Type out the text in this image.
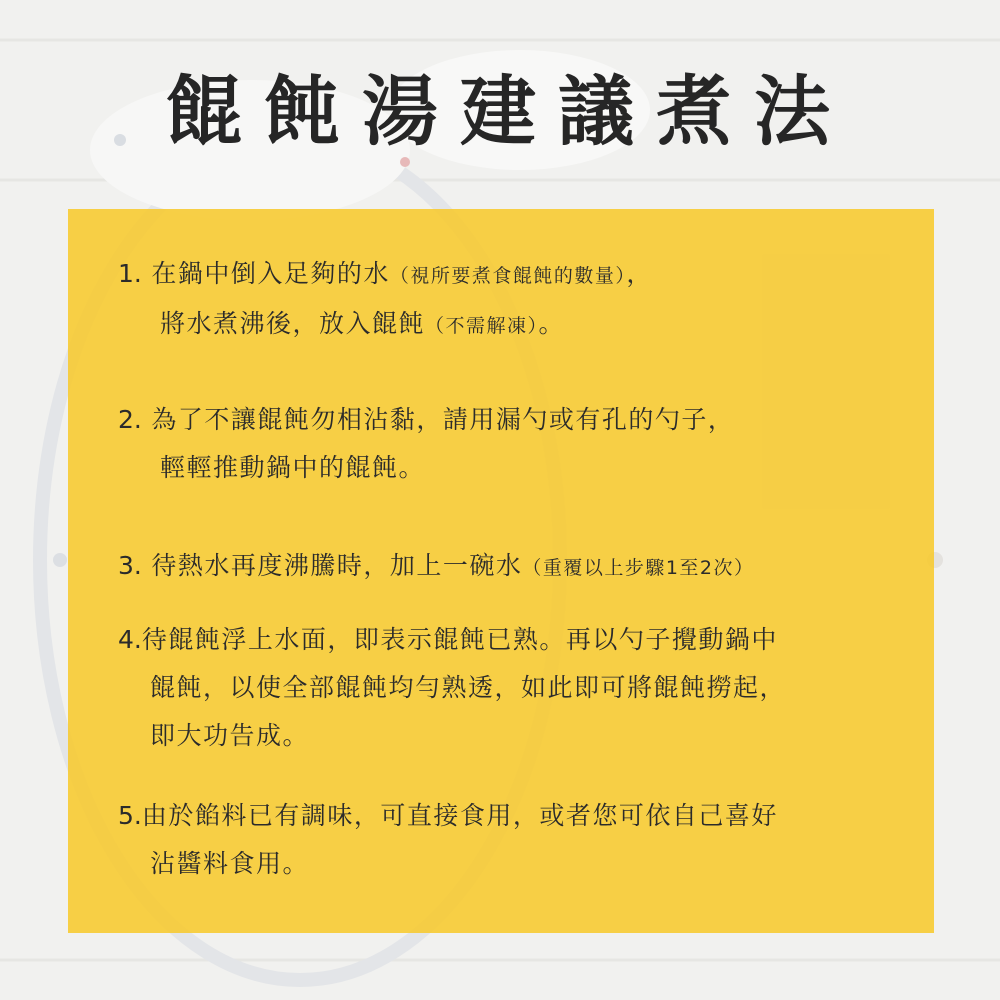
餛飩湯建議煮法
1. 在鍋中倒入足夠的水（視所要煮食餛飩的數量），
將水煮沸後，放入餛飩（不需解凍）。
2. 為了不讓餛飩勿相沾黏，請用漏勺或有孔的勺子，
輕輕推動鍋中的餛飩。
3. 待熱水再度沸騰時，加上一碗水（重覆以上步驟1至2次）
4.待餛飩浮上水面，即表示餛飩已熟。再以勺子攪動鍋中
餛飩，以使全部餛飩均勻熟透，如此即可將餛飩撈起，
即大功告成。
5.由於餡料已有調味，可直接食用，或者您可依自己喜好
沾醬料食用。
